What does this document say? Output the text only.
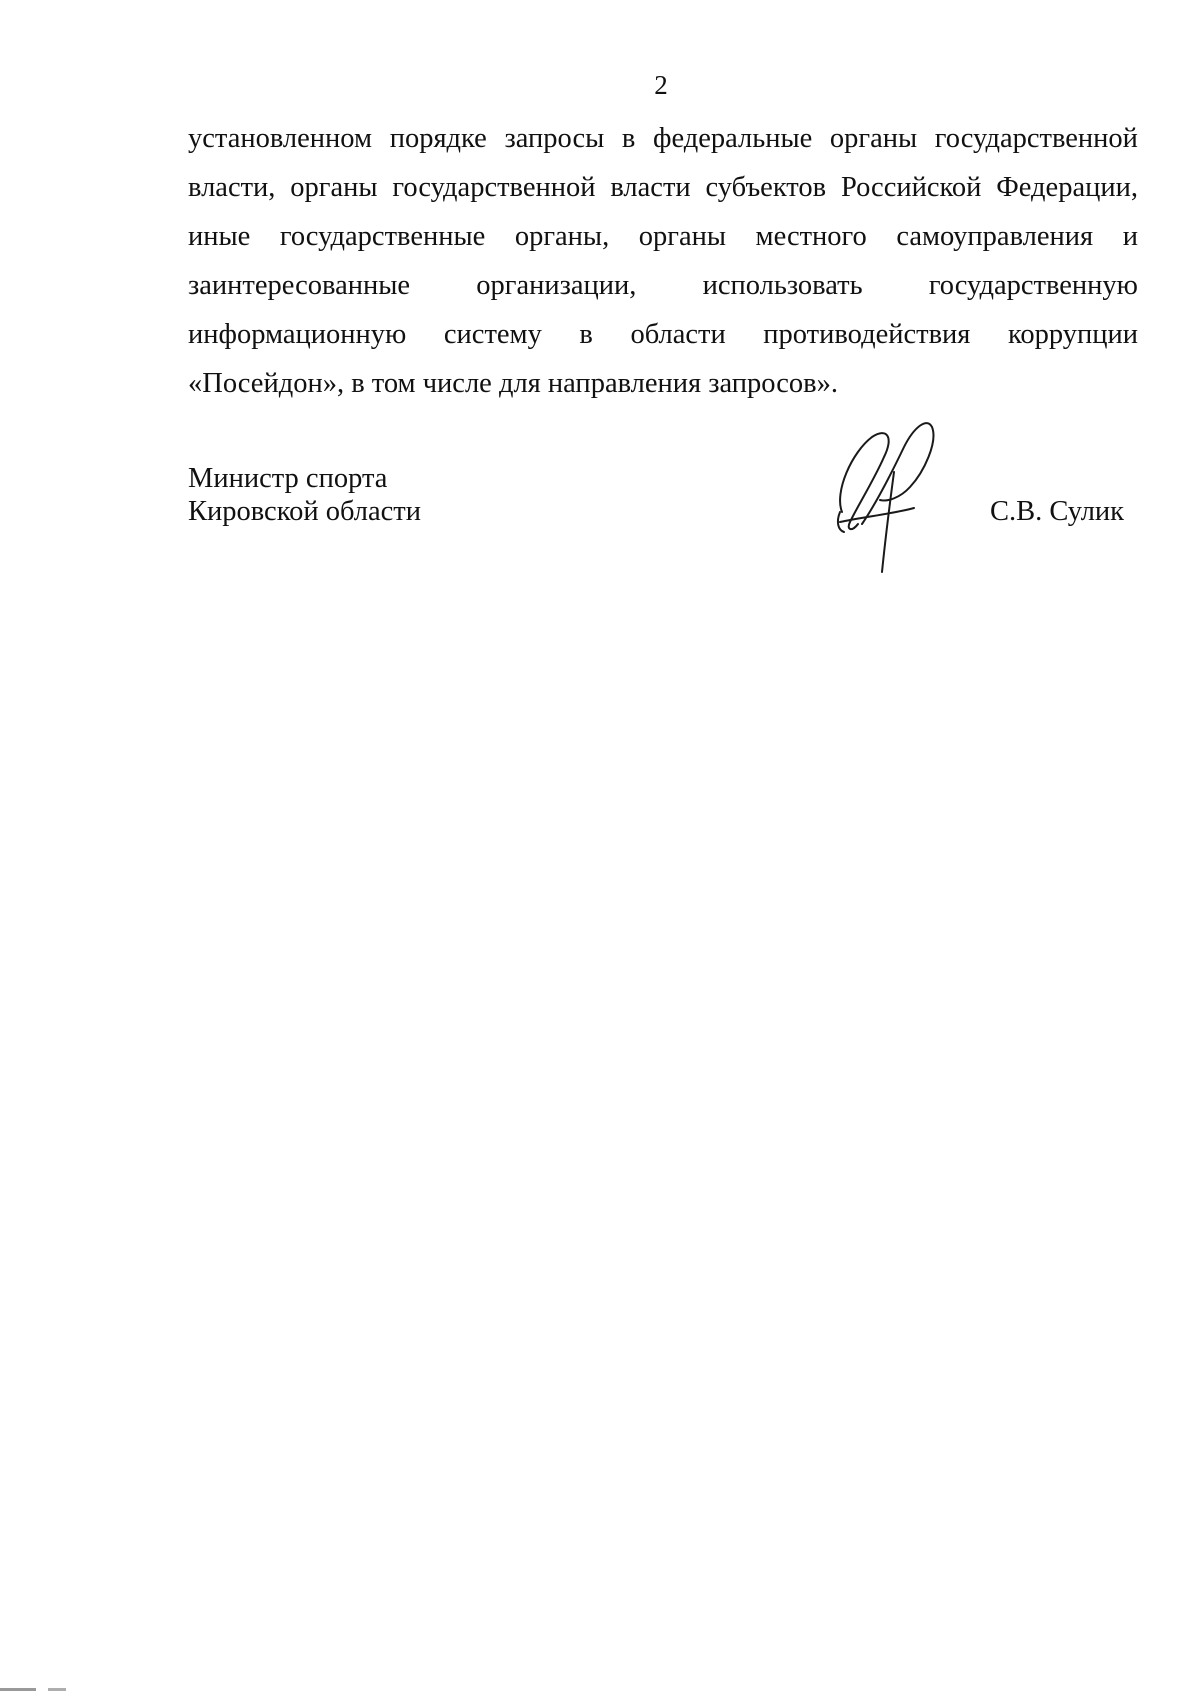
2
установленном порядке запросы в федеральные органы государственной
власти, органы государственной власти субъектов Российской Федерации,
иные государственные органы, органы местного самоуправления и
заинтересованные организации, использовать государственную
информационную систему в области противодействия коррупции
«Посейдон», в том числе для направления запросов».
Министр спорта
Кировской области	С.В. Сулик
